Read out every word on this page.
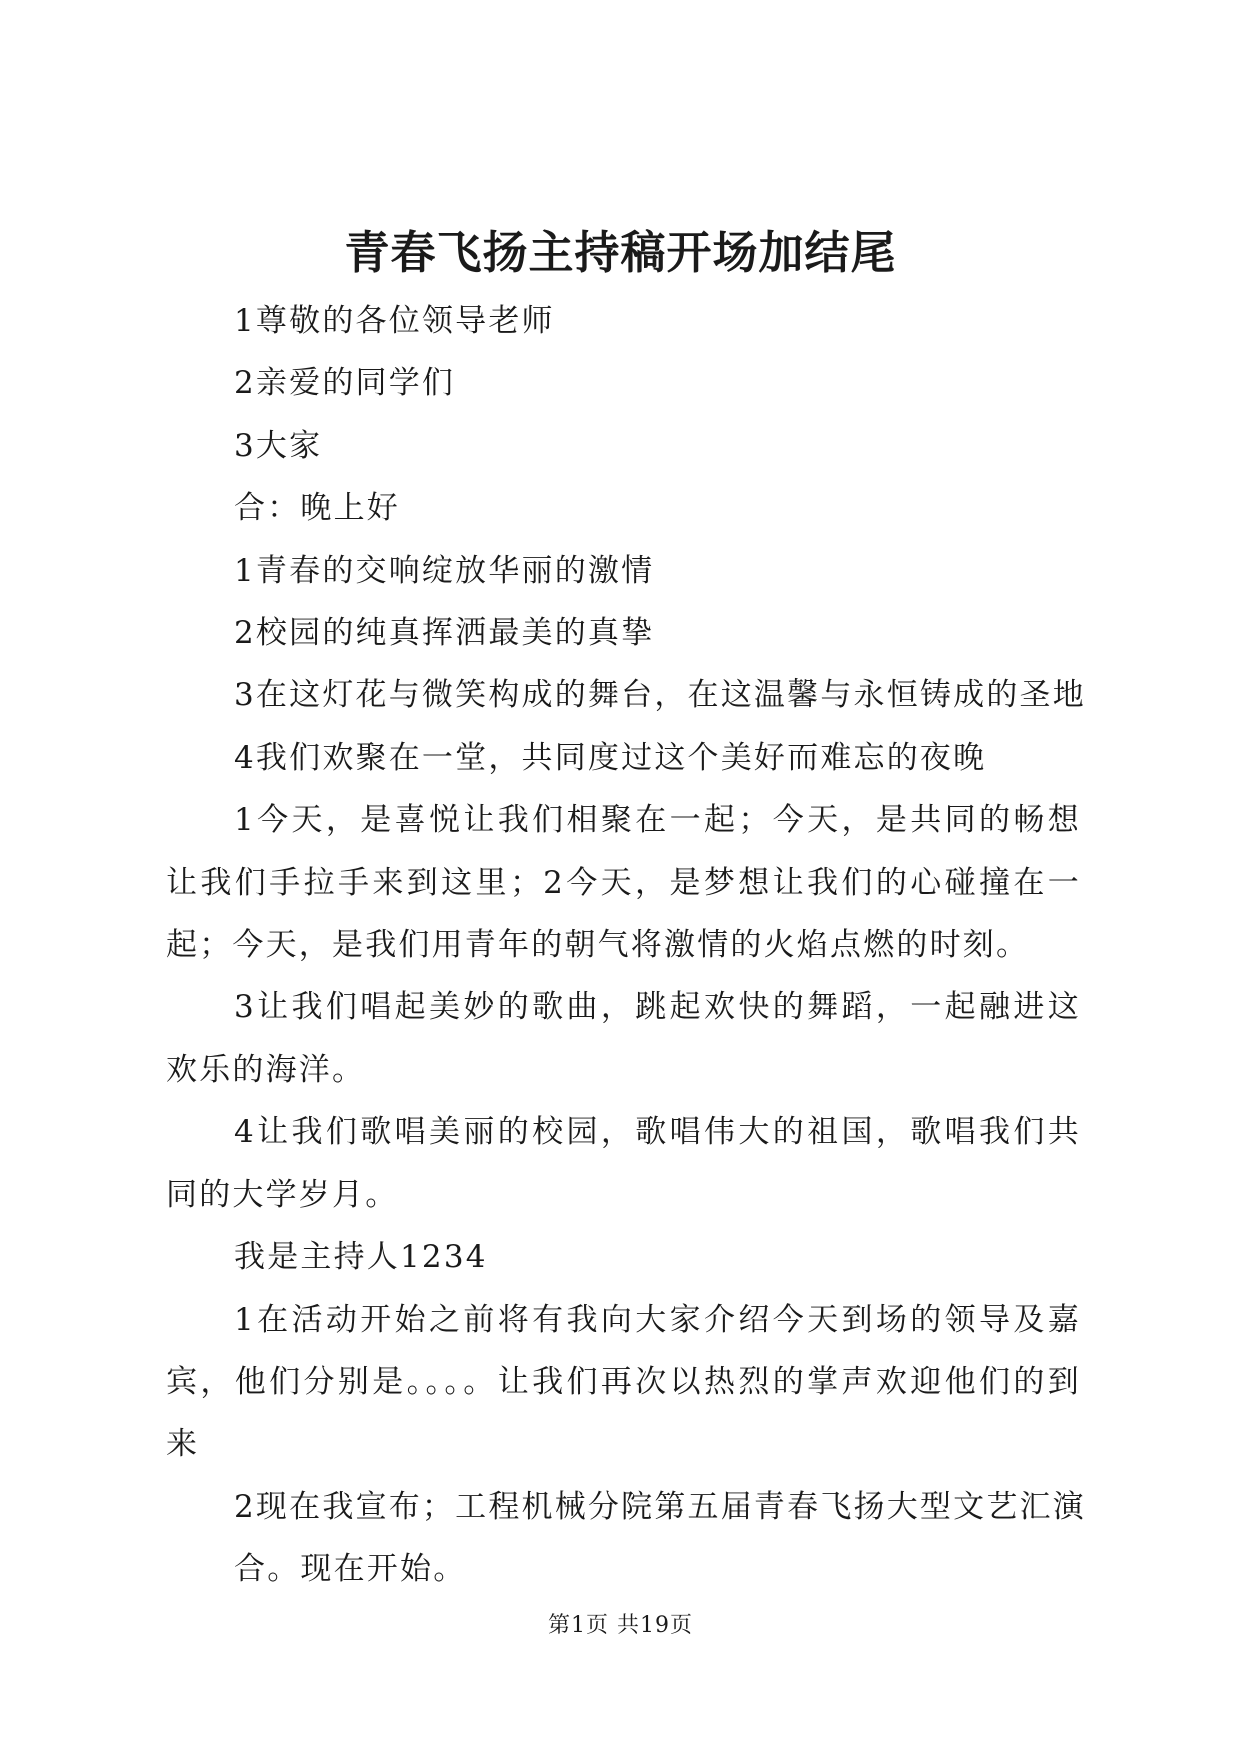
青春飞扬主持稿开场加结尾

1尊敬的各位领导老师

2亲爱的同学们

3大家

合：晚上好

1青春的交响绽放华丽的激情

2校园的纯真挥洒最美的真挚

3在这灯花与微笑构成的舞台，在这温馨与永恒铸成的圣地

4我们欢聚在一堂，共同度过这个美好而难忘的夜晚

1今天，是喜悦让我们相聚在一起；今天，是共同的畅想让我们手拉手来到这里；2今天，是梦想让我们的心碰撞在一起；今天，是我们用青年的朝气将激情的火焰点燃的时刻。

3让我们唱起美妙的歌曲，跳起欢快的舞蹈，一起融进这欢乐的海洋。

4让我们歌唱美丽的校园，歌唱伟大的祖国，歌唱我们共同的大学岁月。

我是主持人1234

1在活动开始之前将有我向大家介绍今天到场的领导及嘉宾，他们分别是。。。。让我们再次以热烈的掌声欢迎他们的到来

2现在我宣布；工程机械分院第五届青春飞扬大型文艺汇演

合。现在开始。

第1页 共19页
